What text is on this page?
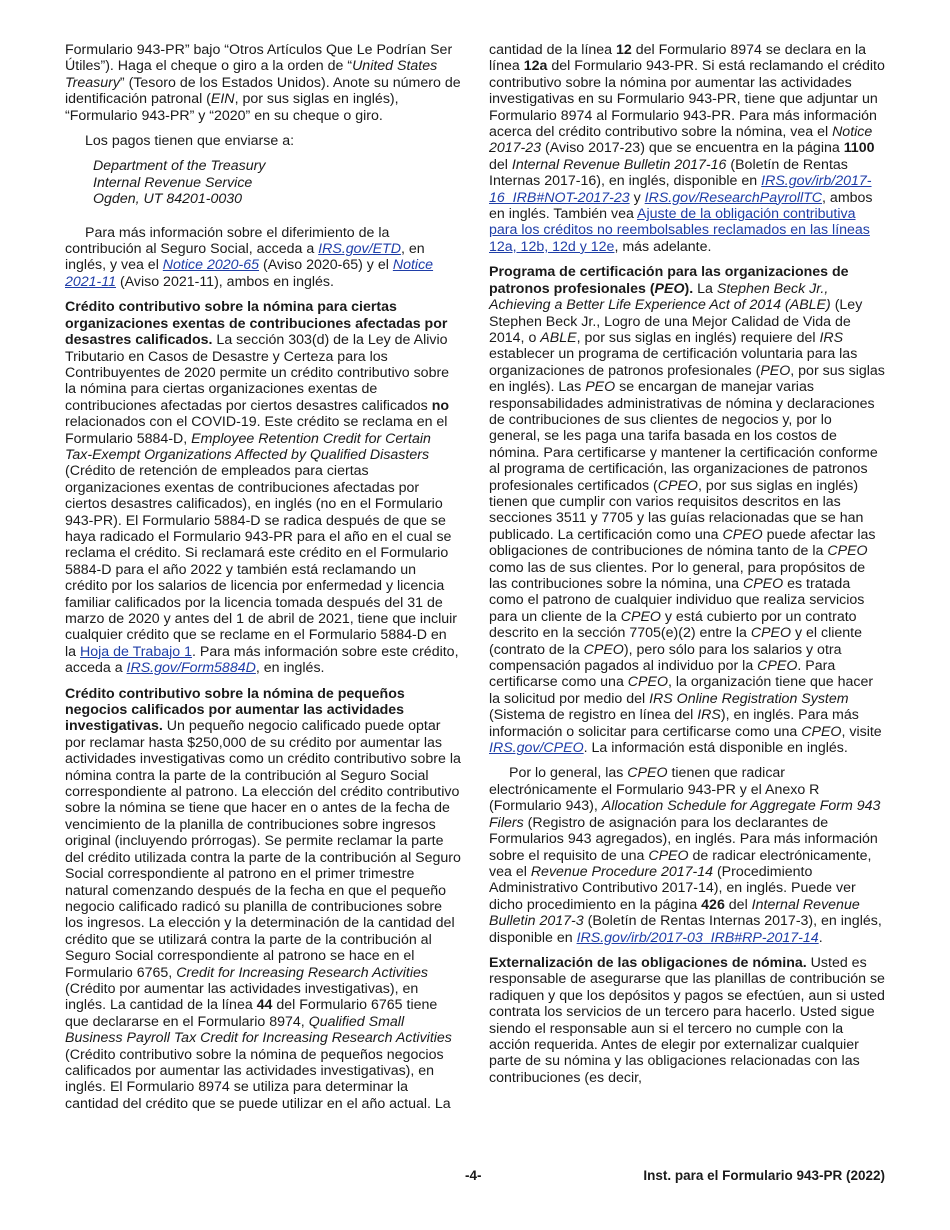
Formulario 943-PR” bajo “Otros Artículos Que Le Podrían Ser Útiles”). Haga el cheque o giro a la orden de “United States Treasury” (Tesoro de los Estados Unidos). Anote su número de identificación patronal (EIN, por sus siglas en inglés), “Formulario 943-PR” y “2020” en su cheque o giro.

Los pagos tienen que enviarse a:

Department of the Treasury
Internal Revenue Service
Ogden, UT 84201-0030

Para más información sobre el diferimiento de la contribución al Seguro Social, acceda a IRS.gov/ETD, en inglés, y vea el Notice 2020-65 (Aviso 2020-65) y el Notice 2021-11 (Aviso 2021-11), ambos en inglés.

Crédito contributivo sobre la nómina para ciertas organizaciones exentas de contribuciones afectadas por desastres calificados. La sección 303(d) de la Ley de Alivio Tributario en Casos de Desastre y Certeza para los Contribuyentes de 2020 permite un crédito contributivo sobre la nómina para ciertas organizaciones exentas de contribuciones afectadas por ciertos desastres calificados no relacionados con el COVID-19. Este crédito se reclama en el Formulario 5884-D, Employee Retention Credit for Certain Tax-Exempt Organizations Affected by Qualified Disasters (Crédito de retención de empleados para ciertas organizaciones exentas de contribuciones afectadas por ciertos desastres calificados), en inglés (no en el Formulario 943-PR). El Formulario 5884-D se radica después de que se haya radicado el Formulario 943-PR para el año en el cual se reclama el crédito. Si reclamará este crédito en el Formulario 5884-D para el año 2022 y también está reclamando un crédito por los salarios de licencia por enfermedad y licencia familiar calificados por la licencia tomada después del 31 de marzo de 2020 y antes del 1 de abril de 2021, tiene que incluir cualquier crédito que se reclame en el Formulario 5884-D en la Hoja de Trabajo 1. Para más información sobre este crédito, acceda a IRS.gov/Form5884D, en inglés.

Crédito contributivo sobre la nómina de pequeños negocios calificados por aumentar las actividades investigativas. Un pequeño negocio calificado puede optar por reclamar hasta $250,000 de su crédito por aumentar las actividades investigativas como un crédito contributivo sobre la nómina contra la parte de la contribución al Seguro Social correspondiente al patrono. La elección del crédito contributivo sobre la nómina se tiene que hacer en o antes de la fecha de vencimiento de la planilla de contribuciones sobre ingresos original (incluyendo prórrogas). Se permite reclamar la parte del crédito utilizada contra la parte de la contribución al Seguro Social correspondiente al patrono en el primer trimestre natural comenzando después de la fecha en que el pequeño negocio calificado radicó su planilla de contribuciones sobre los ingresos. La elección y la determinación de la cantidad del crédito que se utilizará contra la parte de la contribución al Seguro Social correspondiente al patrono se hace en el Formulario 6765, Credit for Increasing Research Activities (Crédito por aumentar las actividades investigativas), en inglés. La cantidad de la línea 44 del Formulario 6765 tiene que declararse en el Formulario 8974, Qualified Small Business Payroll Tax Credit for Increasing Research Activities (Crédito contributivo sobre la nómina de pequeños negocios calificados por aumentar las actividades investigativas), en inglés. El Formulario 8974 se utiliza para determinar la cantidad del crédito que se puede utilizar en el año actual. La

cantidad de la línea 12 del Formulario 8974 se declara en la línea 12a del Formulario 943-PR. Si está reclamando el crédito contributivo sobre la nómina por aumentar las actividades investigativas en su Formulario 943-PR, tiene que adjuntar un Formulario 8974 al Formulario 943-PR. Para más información acerca del crédito contributivo sobre la nómina, vea el Notice 2017-23 (Aviso 2017-23) que se encuentra en la página 1100 del Internal Revenue Bulletin 2017-16 (Boletín de Rentas Internas 2017-16), en inglés, disponible en IRS.gov/irb/2017-16_IRB#NOT-2017-23 y IRS.gov/ResearchPayrollTC, ambos en inglés. También vea Ajuste de la obligación contributiva para los créditos no reembolsables reclamados en las líneas 12a, 12b, 12d y 12e, más adelante.

Programa de certificación para las organizaciones de patronos profesionales (PEO). La Stephen Beck Jr., Achieving a Better Life Experience Act of 2014 (ABLE) (Ley Stephen Beck Jr., Logro de una Mejor Calidad de Vida de 2014, o ABLE, por sus siglas en inglés) requiere del IRS establecer un programa de certificación voluntaria para las organizaciones de patronos profesionales (PEO, por sus siglas en inglés). Las PEO se encargan de manejar varias responsabilidades administrativas de nómina y declaraciones de contribuciones de sus clientes de negocios y, por lo general, se les paga una tarifa basada en los costos de nómina. Para certificarse y mantener la certificación conforme al programa de certificación, las organizaciones de patronos profesionales certificados (CPEO, por sus siglas en inglés) tienen que cumplir con varios requisitos descritos en las secciones 3511 y 7705 y las guías relacionadas que se han publicado. La certificación como una CPEO puede afectar las obligaciones de contribuciones de nómina tanto de la CPEO como las de sus clientes. Por lo general, para propósitos de las contribuciones sobre la nómina, una CPEO es tratada como el patrono de cualquier individuo que realiza servicios para un cliente de la CPEO y está cubierto por un contrato descrito en la sección 7705(e)(2) entre la CPEO y el cliente (contrato de la CPEO), pero sólo para los salarios y otra compensación pagados al individuo por la CPEO. Para certificarse como una CPEO, la organización tiene que hacer la solicitud por medio del IRS Online Registration System (Sistema de registro en línea del IRS), en inglés. Para más información o solicitar para certificarse como una CPEO, visite IRS.gov/CPEO. La información está disponible en inglés.

Por lo general, las CPEO tienen que radicar electrónicamente el Formulario 943-PR y el Anexo R (Formulario 943), Allocation Schedule for Aggregate Form 943 Filers (Registro de asignación para los declarantes de Formularios 943 agregados), en inglés. Para más información sobre el requisito de una CPEO de radicar electrónicamente, vea el Revenue Procedure 2017-14 (Procedimiento Administrativo Contributivo 2017-14), en inglés. Puede ver dicho procedimiento en la página 426 del Internal Revenue Bulletin 2017-3 (Boletín de Rentas Internas 2017-3), en inglés, disponible en IRS.gov/irb/2017-03_IRB#RP-2017-14.

Externalización de las obligaciones de nómina. Usted es responsable de asegurarse que las planillas de contribución se radiquen y que los depósitos y pagos se efectúen, aun si usted contrata los servicios de un tercero para hacerlo. Usted sigue siendo el responsable aun si el tercero no cumple con la acción requerida. Antes de elegir por externalizar cualquier parte de su nómina y las obligaciones relacionadas con las contribuciones (es decir,

-4-	Inst. para el Formulario 943-PR (2022)
